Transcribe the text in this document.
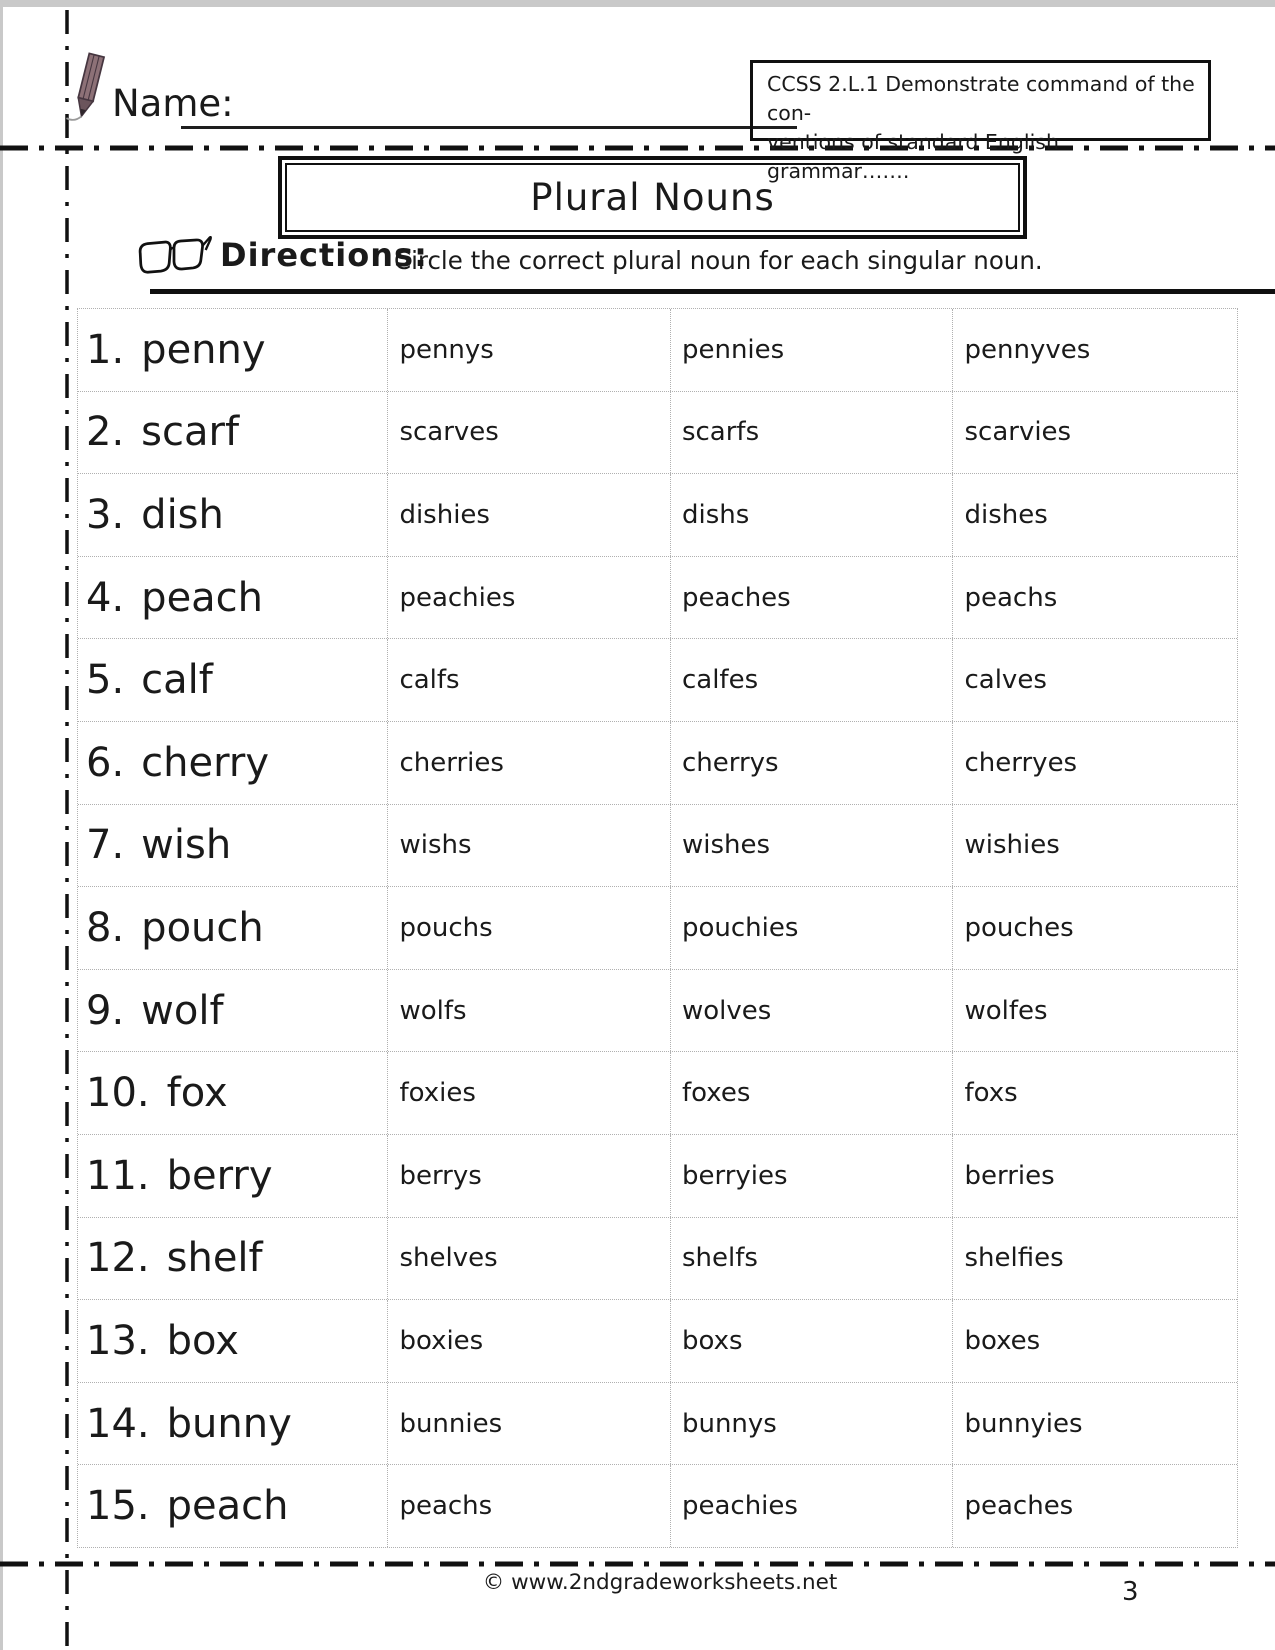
Name:	CCSS 2.L.1 Demonstrate command of the con-
ventions of standard English grammar…….
Plural Nouns
Directions:
Circle the correct plural noun for each singular noun.
1. penny	pennys	pennies	pennyves
2. scarf	scarves	scarfs	scarvies
3. dish	dishies	dishs	dishes
4. peach	peachies	peaches	peachs
5. calf	calfs	calfes	calves
6. cherry	cherries	cherrys	cherryes
7. wish	wishs	wishes	wishies
8. pouch	pouchs	pouchies	pouches
9. wolf	wolfs	wolves	wolfes
10. fox	foxies	foxes	foxs
11. berry	berrys	berryies	berries
12. shelf	shelves	shelfs	shelfies
13. box	boxies	boxs	boxes
14. bunny	bunnies	bunnys	bunnyies
15. peach	peachs	peachies	peaches
© www.2ndgradeworksheets.net	3
